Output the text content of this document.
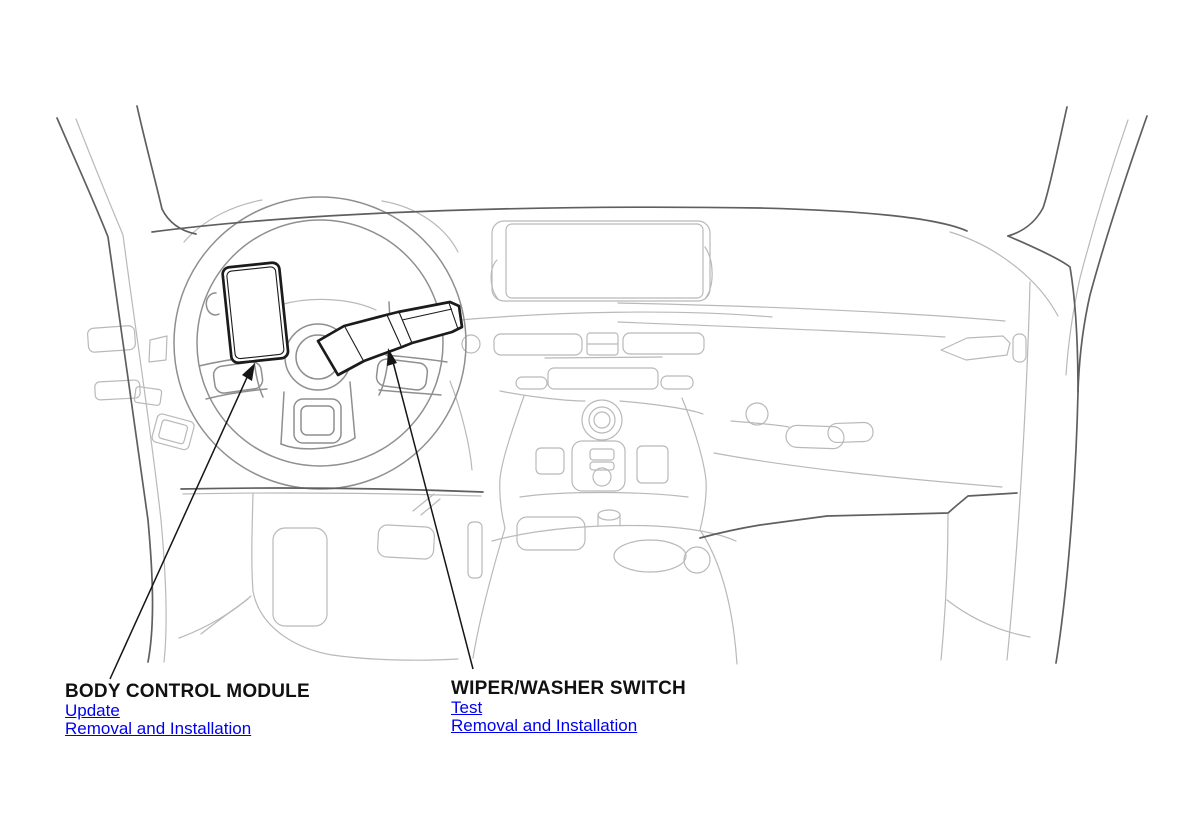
BODY CONTROL MODULE
Update
Removal and Installation
WIPER/WASHER SWITCH
Test
Removal and Installation
